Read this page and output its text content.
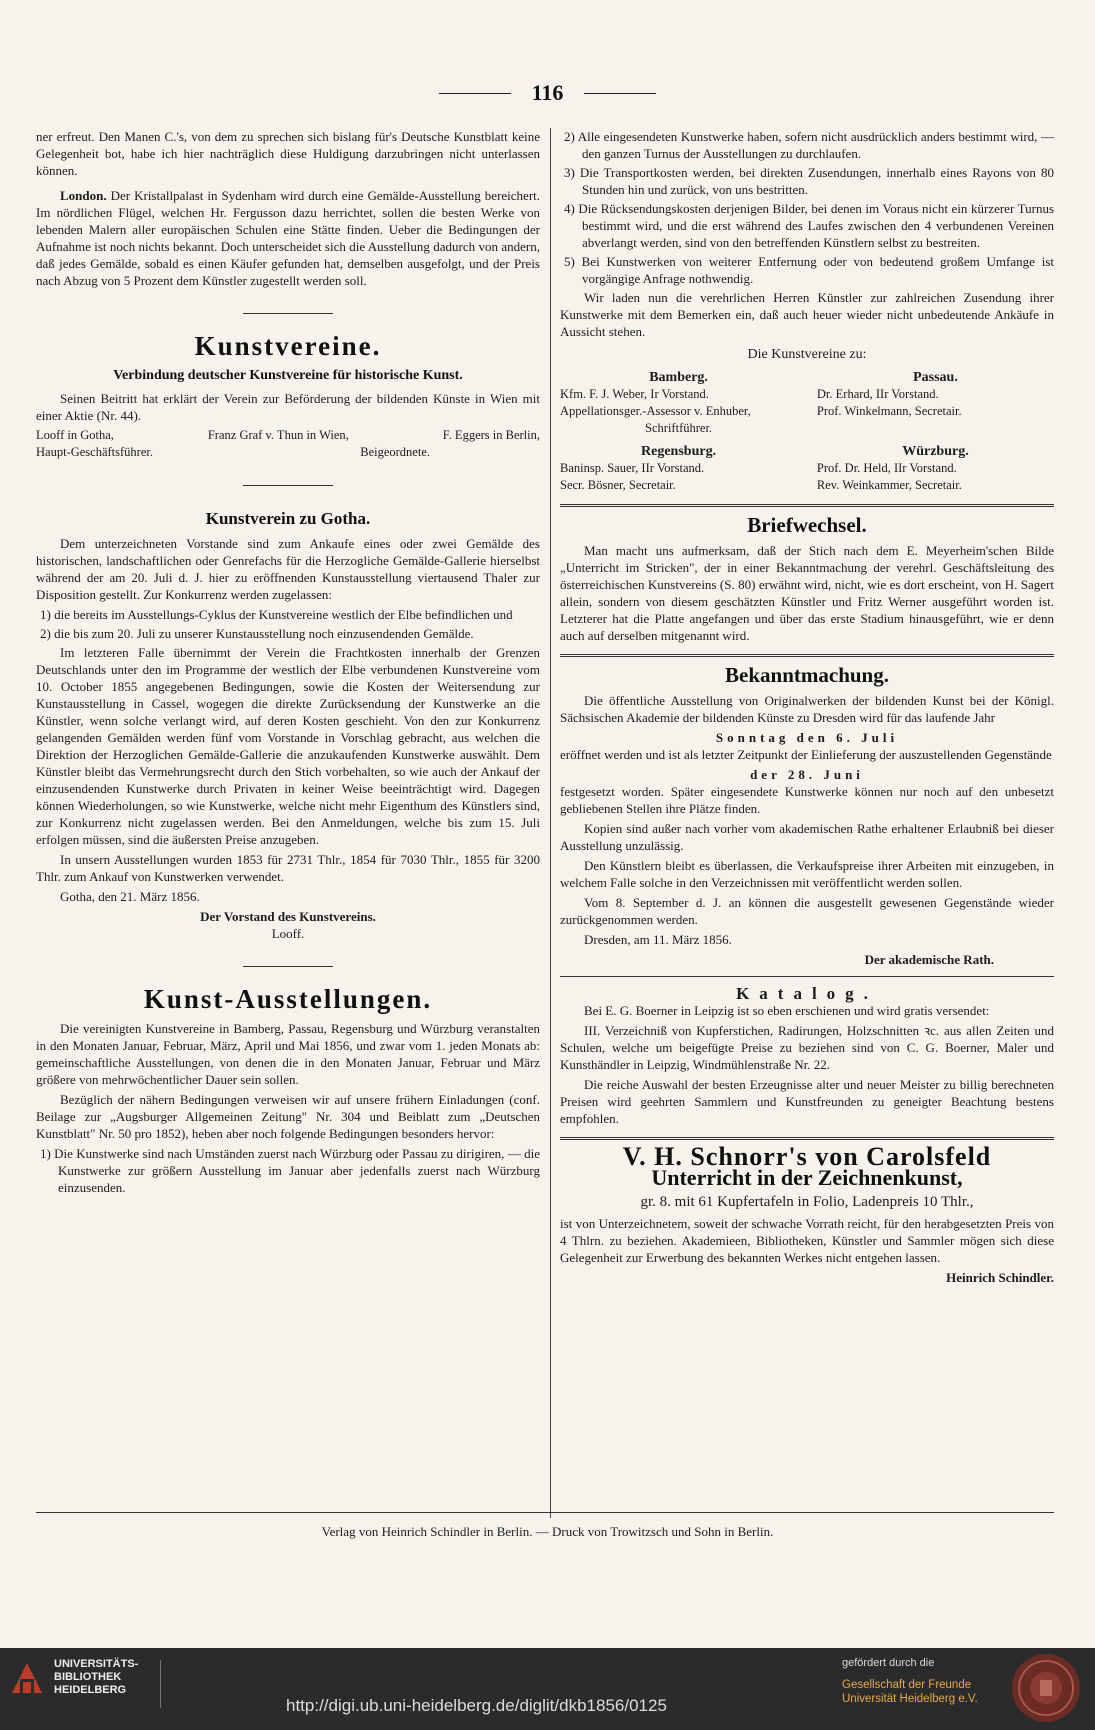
116

ner erfreut. Den Manen C.'s, von dem zu sprechen sich bislang für's Deutsche Kunstblatt keine Gelegenheit bot, habe ich hier nachträglich diese Huldigung darzubringen nicht unterlassen können.

London. Der Kristallpalast in Sydenham wird durch eine Gemälde-Ausstellung bereichert. Im nördlichen Flügel, welchen Hr. Fergusson dazu herrichtet, sollen die besten Werke von lebenden Malern aller europäischen Schulen eine Stätte finden. Ueber die Bedingungen der Aufnahme ist noch nichts bekannt. Doch unterscheidet sich die Ausstellung dadurch von andern, daß jedes Gemälde, sobald es einen Käufer gefunden hat, demselben ausgefolgt, und der Preis nach Abzug von 5 Prozent dem Künstler zugestellt werden soll.

Kunstvereine.
Verbindung deutscher Kunstvereine für historische Kunst.

Seinen Beitritt hat erklärt der Verein zur Beförderung der bildenden Künste in Wien mit einer Aktie (Nr. 44).

Looff in Gotha,	Franz Graf v. Thun in Wien,	F. Eggers in Berlin,
Haupt-Geschäftsführer.	Beigeordnete.
Kunstverein zu Gotha.

Dem unterzeichneten Vorstande sind zum Ankaufe eines oder zwei Gemälde des historischen, landschaftlichen oder Genrefachs für die Herzogliche Gemälde-Gallerie hierselbst während der am 20. Juli d. J. hier zu eröffnenden Kunstausstellung viertausend Thaler zur Disposition gestellt. Zur Konkurrenz werden zugelassen:

1) die bereits im Ausstellungs-Cyklus der Kunstvereine westlich der Elbe befindlichen und
2) die bis zum 20. Juli zu unserer Kunstausstellung noch einzusendenden Gemälde.

Im letzteren Falle übernimmt der Verein die Frachtkosten innerhalb der Grenzen Deutschlands unter den im Programme der westlich der Elbe verbundenen Kunstvereine vom 10. October 1855 angegebenen Bedingungen, sowie die Kosten der Weitersendung zur Kunstausstellung in Cassel, wogegen die direkte Zurücksendung der Kunstwerke an die Künstler, wenn solche verlangt wird, auf deren Kosten geschieht. Von den zur Konkurrenz gelangenden Gemälden werden fünf vom Vorstande in Vorschlag gebracht, aus welchen die Direktion der Herzoglichen Gemälde-Gallerie die anzukaufenden Kunstwerke auswählt. Dem Künstler bleibt das Vermehrungsrecht durch den Stich vorbehalten, so wie auch der Ankauf der einzusendenden Kunstwerke durch Privaten in keiner Weise beeinträchtigt wird. Dagegen können Wiederholungen, so wie Kunstwerke, welche nicht mehr Eigenthum des Künstlers sind, zur Konkurrenz nicht zugelassen werden. Bei den Anmeldungen, welche bis zum 15. Juli erfolgen müssen, sind die äußersten Preise anzugeben.

In unsern Ausstellungen wurden 1853 für 2731 Thlr., 1854 für 7030 Thlr., 1855 für 3200 Thlr. zum Ankauf von Kunstwerken verwendet.

Gotha, den 21. März 1856.

Der Vorstand des Kunstvereins.
Looff.
Kunst-Ausstellungen.

Die vereinigten Kunstvereine in Bamberg, Passau, Regensburg und Würzburg veranstalten in den Monaten Januar, Februar, März, April und Mai 1856, und zwar vom 1. jeden Monats ab: gemeinschaftliche Ausstellungen, von denen die in den Monaten Januar, Februar und März größere von mehrwöchentlicher Dauer sein sollen.

Bezüglich der nähern Bedingungen verweisen wir auf unsere frühern Einladungen (conf. Beilage zur „Augsburger Allgemeinen Zeitung" Nr. 304 und Beiblatt zum „Deutschen Kunstblatt" Nr. 50 pro 1852), heben aber noch folgende Bedingungen besonders hervor:

1) Die Kunstwerke sind nach Umständen zuerst nach Würzburg oder Passau zu dirigiren, — die Kunstwerke zur größern Ausstellung im Januar aber jedenfalls zuerst nach Würzburg einzusenden.
2) Alle eingesendeten Kunstwerke haben, sofern nicht ausdrücklich anders bestimmt wird, — den ganzen Turnus der Ausstellungen zu durchlaufen.
3) Die Transportkosten werden, bei direkten Zusendungen, innerhalb eines Rayons von 80 Stunden hin und zurück, von uns bestritten.
4) Die Rücksendungskosten derjenigen Bilder, bei denen im Voraus nicht ein kürzerer Turnus bestimmt wird, und die erst während des Laufes zwischen den 4 verbundenen Vereinen abverlangt werden, sind von den betreffenden Künstlern selbst zu bestreiten.
5) Bei Kunstwerken von weiterer Entfernung oder von bedeutend großem Umfange ist vorgängige Anfrage nothwendig.

Wir laden nun die verehrlichen Herren Künstler zur zahlreichen Zusendung ihrer Kunstwerke mit dem Bemerken ein, daß auch heuer wieder nicht unbedeutende Ankäufe in Aussicht stehen.

Die Kunstvereine zu:
Bamberg.
Kfm. F. J. Weber, Ir Vorstand.
Appellationsger.-Assessor v. Enhuber,
Schriftführer.
Passau.
Dr. Erhard, IIr Vorstand.
Prof. Winkelmann, Secretair.
Regensburg.
Baninsp. Sauer, IIr Vorstand.
Secr. Bösner, Secretair.
Würzburg.
Prof. Dr. Held, IIr Vorstand.
Rev. Weinkammer, Secretair.
Briefwechsel.

Man macht uns aufmerksam, daß der Stich nach dem E. Meyerheim'schen Bilde „Unterricht im Stricken", der in einer Bekanntmachung der verehrl. Geschäftsleitung des österreichischen Kunstvereins (S. 80) erwähnt wird, nicht, wie es dort erscheint, von H. Sagert allein, sondern von diesem geschätzten Künstler und Fritz Werner ausgeführt worden ist. Letzterer hat die Platte angefangen und über das erste Stadium hinausgeführt, wie er denn auch auf derselben mitgenannt wird.

Bekanntmachung.

Die öffentliche Ausstellung von Originalwerken der bildenden Kunst bei der Königl. Sächsischen Akademie der bildenden Künste zu Dresden wird für das laufende Jahr

Sonntag den 6. Juli

eröffnet werden und ist als letzter Zeitpunkt der Einlieferung der auszustellenden Gegenstände

der 28. Juni

festgesetzt worden. Später eingesendete Kunstwerke können nur noch auf den unbesetzt gebliebenen Stellen ihre Plätze finden.

Kopien sind außer nach vorher vom akademischen Rathe erhaltener Erlaubniß bei dieser Ausstellung unzulässig.

Den Künstlern bleibt es überlassen, die Verkaufspreise ihrer Arbeiten mit einzugeben, in welchem Falle solche in den Verzeichnissen mit veröffentlicht werden sollen.

Vom 8. September d. J. an können die ausgestellt gewesenen Gegenstände wieder zurückgenommen werden.

Dresden, am 11. März 1856.

Der akademische Rath.
Katalog.

Bei E. G. Boerner in Leipzig ist so eben erschienen und wird gratis versendet:

III. Verzeichniß von Kupferstichen, Radirungen, Holzschnitten ꝛc. aus allen Zeiten und Schulen, welche um beigefügte Preise zu beziehen sind von C. G. Boerner, Maler und Kunsthändler in Leipzig, Windmühlenstraße Nr. 22.

Die reiche Auswahl der besten Erzeugnisse alter und neuer Meister zu billig berechneten Preisen wird geehrten Sammlern und Kunstfreunden zu geneigter Beachtung bestens empfohlen.

V. H. Schnorr's von Carolsfeld
Unterricht in der Zeichnenkunst,
gr. 8. mit 61 Kupfertafeln in Folio, Ladenpreis 10 Thlr.,

ist von Unterzeichnetem, soweit der schwache Vorrath reicht, für den herabgesetzten Preis von 4 Thlrn. zu beziehen. Akademieen, Bibliotheken, Künstler und Sammler mögen sich diese Gelegenheit zur Erwerbung des bekannten Werkes nicht entgehen lassen.

Heinrich Schindler.
Verlag von Heinrich Schindler in Berlin. — Druck von Trowitzsch und Sohn in Berlin.
UNIVERSITÄTS-
BIBLIOTHEK
HEIDELBERG
http://digi.ub.uni-heidelberg.de/diglit/dkb1856/0125
gefördert durch die
Gesellschaft der Freunde
Universität Heidelberg e.V.
